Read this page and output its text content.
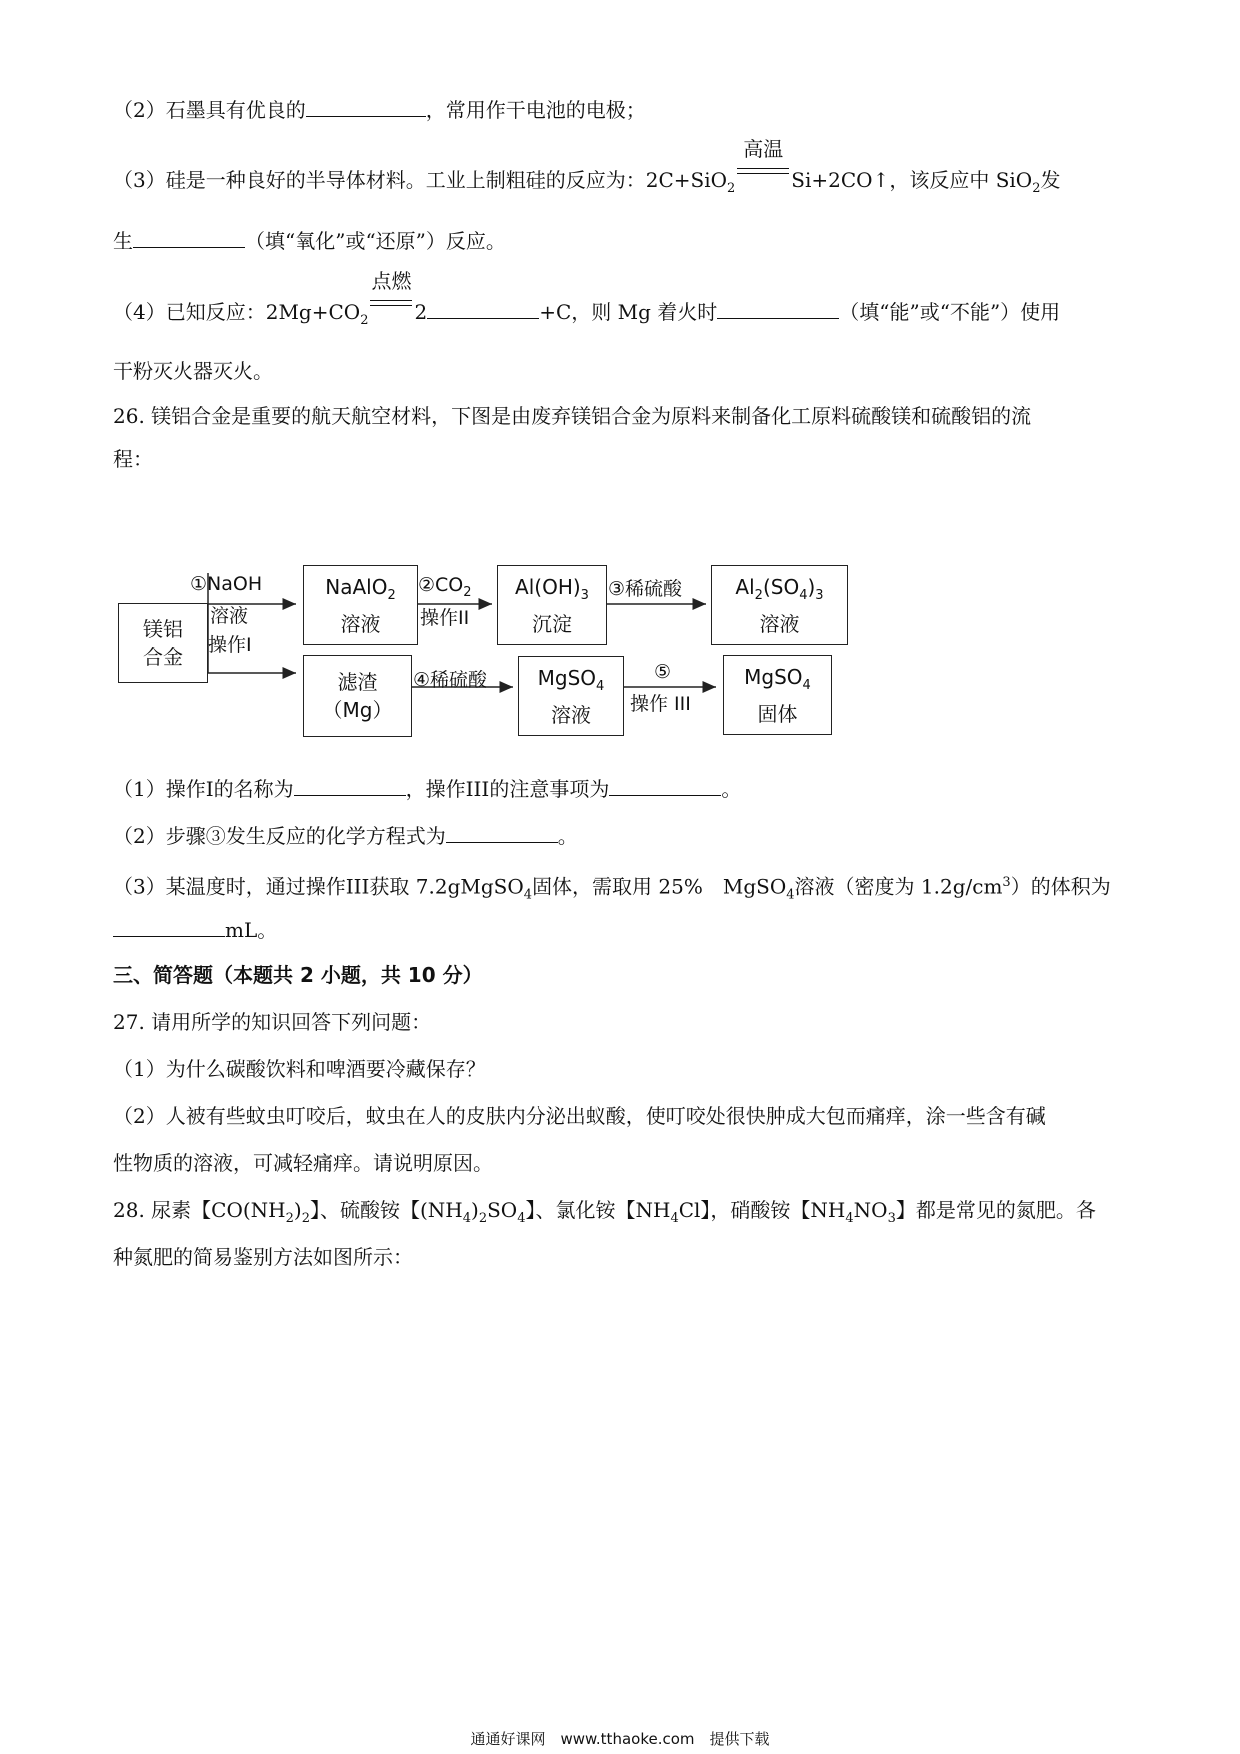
（2）石墨具有优良的	，常用作干电池的电极；
（3）硅是一种良好的半导体材料。工业上制粗硅的反应为：2C+SiO$_2$
高温
Si+2CO↑，该反应中 SiO$_2$发
生	（填“氧化”或“还原”）反应。
（4）已知反应：$2Mg+CO_2$
点燃
2	+C，则 Mg 着火时	（填“能”或“不能”）使用
干粉灭火器灭火。
26. 镁铝合金是重要的航天航空材料，下图是由废弃镁铝合金为原料来制备化工原料硫酸镁和硫酸铝的流
程：
镁铝
合金
①NaOH
溶液
操作I
NaAlO$_2$
溶液
$②CO_2$
操作II
$Al(OH)_3$
沉淀
③稀硫酸	$Al_2(SO_4)_3$
溶液
滤渣
（Mg）
④稀硫酸	MgSO$_4$
溶液
⑤
操作 III
MgSO$_4$
固体
（1）操作I的名称为	，操作III的注意事项为	。
（2）步骤③发生反应的化学方程式为	。
（3）某温度时，通过操作III获取 7.2gMgSO$_4$固体，需取用 25%　MgSO$_4$溶液（密度为 $1.2g/cm^3$）的体积为
mL。
三、简答题（本题共 2 小题，共 10 分）
27. 请用所学的知识回答下列问题：
（1）为什么碳酸饮料和啤酒要冷藏保存？
（2）人被有些蚊虫叮咬后，蚊虫在人的皮肤内分泌出蚁酸，使叮咬处很快肿成大包而痛痒，涂一些含有碱
性物质的溶液，可减轻痛痒。请说明原因。
28. 尿素【$CO(NH_2)_2$】、硫酸铵【$(NH_4)_2SO_4$】、氯化铵【$NH_4Cl$】，硝酸铵【$NH_4NO_3$】都是常见的氮肥。各
种氮肥的简易鉴别方法如图所示：
通通好课网　www.tthaoke.com　提供下载
